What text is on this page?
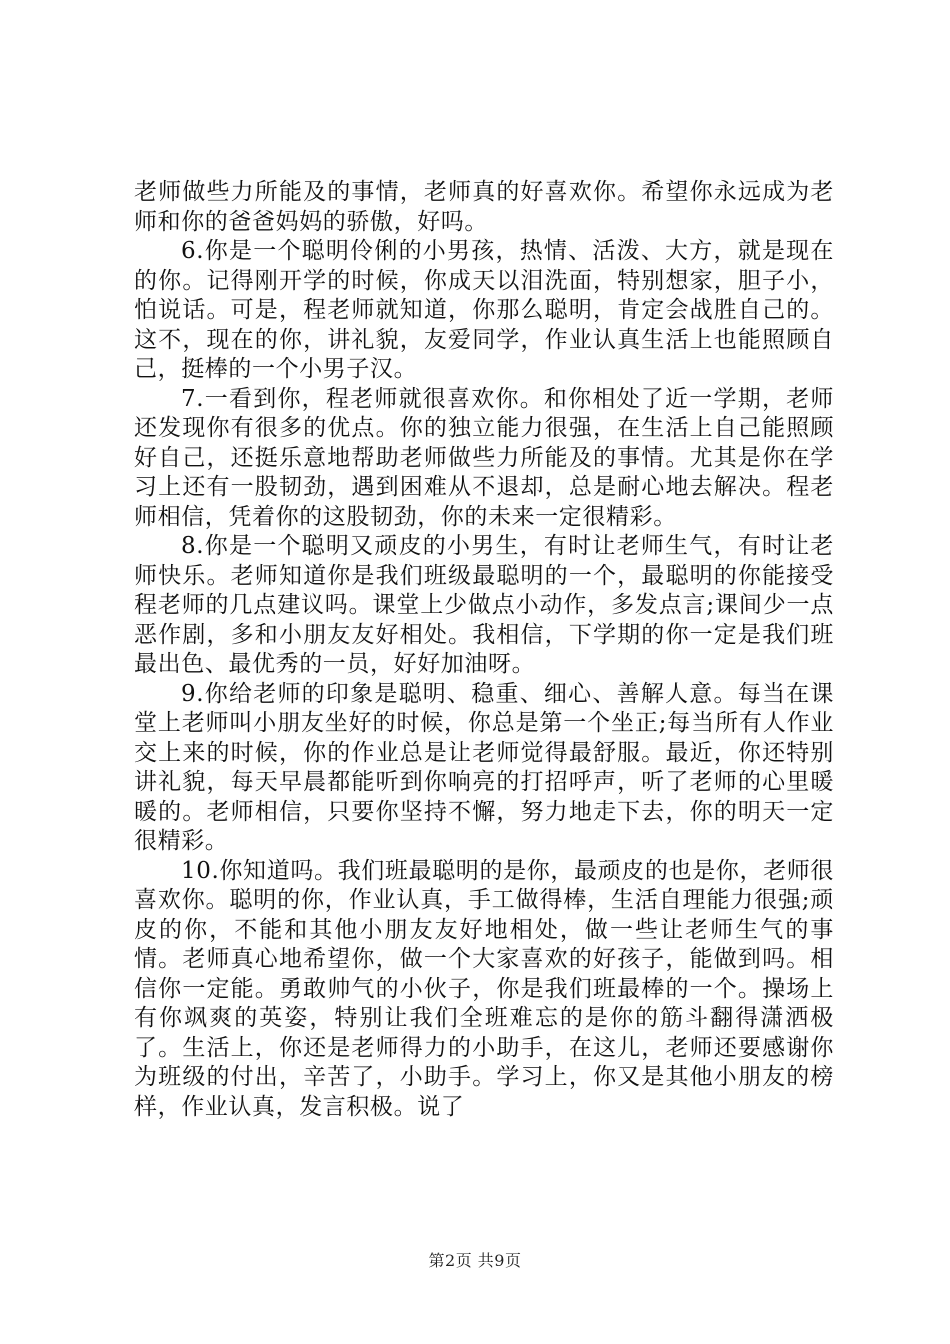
老师做些力所能及的事情，老师真的好喜欢你。希望你永远成为老师和你的爸爸妈妈的骄傲，好吗。

6.你是一个聪明伶俐的小男孩，热情、活泼、大方，就是现在的你。记得刚开学的时候，你成天以泪洗面，特别想家，胆子小，怕说话。可是，程老师就知道，你那么聪明，肯定会战胜自己的。这不，现在的你，讲礼貌，友爱同学，作业认真生活上也能照顾自己，挺棒的一个小男子汉。

7.一看到你，程老师就很喜欢你。和你相处了近一学期，老师还发现你有很多的优点。你的独立能力很强，在生活上自己能照顾好自己，还挺乐意地帮助老师做些力所能及的事情。尤其是你在学习上还有一股韧劲，遇到困难从不退却，总是耐心地去解决。程老师相信，凭着你的这股韧劲，你的未来一定很精彩。

8.你是一个聪明又顽皮的小男生，有时让老师生气，有时让老师快乐。老师知道你是我们班级最聪明的一个，最聪明的你能接受程老师的几点建议吗。课堂上少做点小动作，多发点言;课间少一点恶作剧，多和小朋友友好相处。我相信，下学期的你一定是我们班最出色、最优秀的一员，好好加油呀。

9.你给老师的印象是聪明、稳重、细心、善解人意。每当在课堂上老师叫小朋友坐好的时候，你总是第一个坐正;每当所有人作业交上来的时候，你的作业总是让老师觉得最舒服。最近，你还特别讲礼貌，每天早晨都能听到你响亮的打招呼声，听了老师的心里暖暖的。老师相信，只要你坚持不懈，努力地走下去，你的明天一定很精彩。

10.你知道吗。我们班最聪明的是你，最顽皮的也是你，老师很喜欢你。聪明的你，作业认真，手工做得棒，生活自理能力很强;顽皮的你，不能和其他小朋友友好地相处，做一些让老师生气的事情。老师真心地希望你，做一个大家喜欢的好孩子，能做到吗。相信你一定能。勇敢帅气的小伙子，你是我们班最棒的一个。操场上有你飒爽的英姿，特别让我们全班难忘的是你的筋斗翻得潇洒极了。生活上，你还是老师得力的小助手，在这儿，老师还要感谢你为班级的付出，辛苦了，小助手。学习上，你又是其他小朋友的榜样，作业认真，发言积极。说了

第2页 共9页
